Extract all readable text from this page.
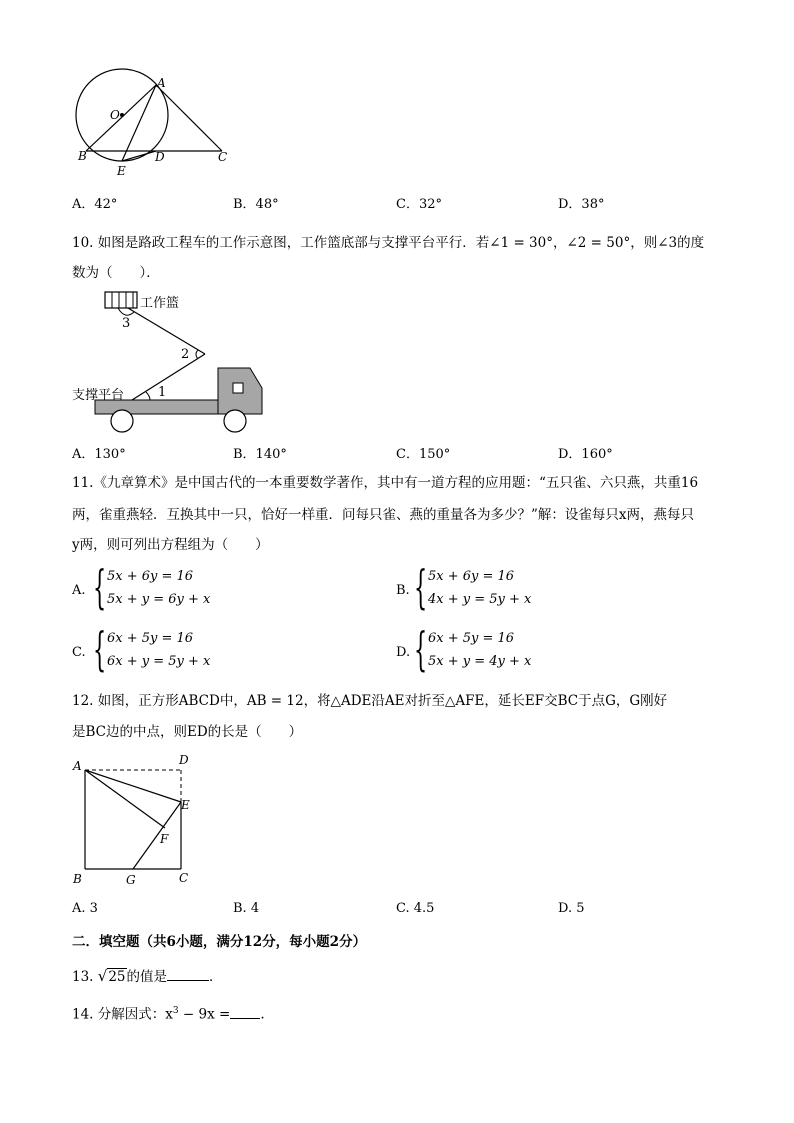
A
O
B	D	C
E
A．42°	B．48°	C．32°	D．38°
10. 如图是路政工程车的工作示意图，工作篮底部与支撑平台平行．若∠1 = 30°，∠2 = 50°，则∠3的度
数为（　　）．
工作篮
支撑平台
3
2
1
A．130°	B．140°	C．150°	D．160°
11.《九章算术》是中国古代的一本重要数学著作，其中有一道方程的应用题：“五只雀、六只燕，共重16
两，雀重燕轻．互换其中一只，恰好一样重．问每只雀、燕的重量各为多少？”解：设雀每只x两，燕每只
y两，则可列出方程组为（　　）
A. { 5x + 6y = 16
5x + y = 6y + x
B. { 5x + 6y = 16
4x + y = 5y + x
C. { 6x + 5y = 16
6x + y = 5y + x
D. { 6x + 5y = 16
5x + y = 4y + x
12. 如图，正方形ABCD中，AB = 12，将△ADE沿AE对折至△AFE，延长EF交BC于点G，G刚好
是BC边的中点，则ED的长是（　　）
A	D
E
F
B	G	C
A. 3	B. 4	C. 4.5	D. 5
二．填空题（共6小题，满分12分，每小题2分）
13. √25的值是	．
14. 分解因式：$x^3 - 9x$ = .
